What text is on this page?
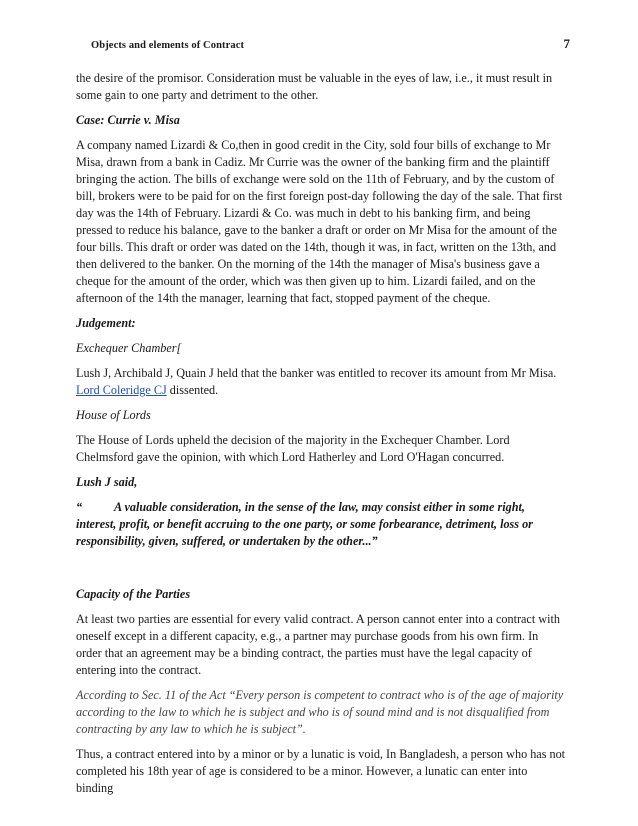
Objects and elements of Contract	7

the desire of the promisor. Consideration must be valuable in the eyes of law, i.e., it must result in some gain to one party and detriment to the other.

Case: Currie v. Misa

A company named Lizardi & Co,then in good credit in the City, sold four bills of exchange to Mr Misa, drawn from a bank in Cadiz. Mr Currie was the owner of the banking firm and the plaintiff bringing the action. The bills of exchange were sold on the 11th of February, and by the custom of bill, brokers were to be paid for on the first foreign post-day following the day of the sale. That first day was the 14th of February. Lizardi & Co. was much in debt to his banking firm, and being pressed to reduce his balance, gave to the banker a draft or order on Mr Misa for the amount of the four bills. This draft or order was dated on the 14th, though it was, in fact, written on the 13th, and then delivered to the banker. On the morning of the 14th the manager of Misa's business gave a cheque for the amount of the order, which was then given up to him. Lizardi failed, and on the afternoon of the 14th the manager, learning that fact, stopped payment of the cheque.

Judgement:

Exchequer Chamber[

Lush J, Archibald J, Quain J held that the banker was entitled to recover its amount from Mr Misa. Lord Coleridge CJ dissented.

House of Lords

The House of Lords upheld the decision of the majority in the Exchequer Chamber. Lord Chelmsford gave the opinion, with which Lord Hatherley and Lord O'Hagan concurred.

Lush J said,

“	A valuable consideration, in the sense of the law, may consist either in some right, interest, profit, or benefit accruing to the one party, or some forbearance, detriment, loss or responsibility, given, suffered, or undertaken by the other...”

Capacity of the Parties

At least two parties are essential for every valid contract. A person cannot enter into a contract with oneself except in a different capacity, e.g., a partner may purchase goods from his own firm. In order that an agreement may be a binding contract, the parties must have the legal capacity of entering into the contract.

According to Sec. 11 of the Act “Every person is competent to contract who is of the age of majority according to the law to which he is subject and who is of sound mind and is not disqualified from contracting by any law to which he is subject”.

Thus, a contract entered into by a minor or by a lunatic is void, In Bangladesh, a person who has not completed his 18th year of age is considered to be a minor. However, a lunatic can enter into binding
